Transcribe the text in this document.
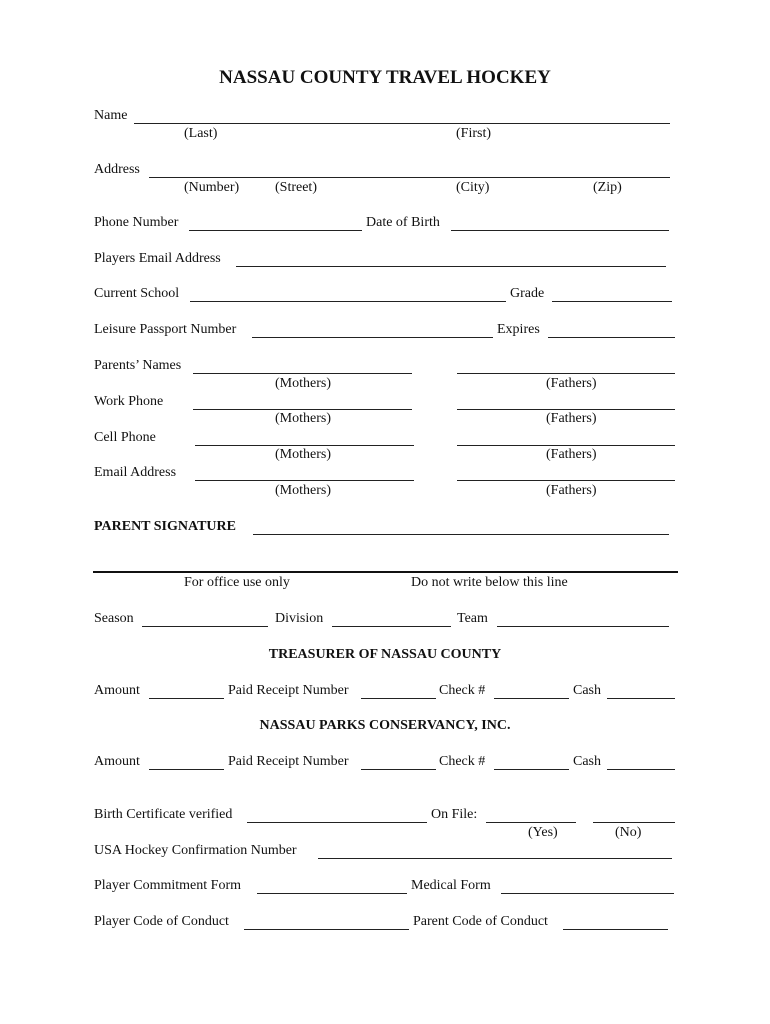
NASSAU COUNTY TRAVEL HOCKEY
Name
(Last)	(First)
Address
(Number)	(Street)	(City)	(Zip)
Phone Number	Date of Birth
Players Email Address
Current School	Grade
Leisure Passport Number	Expires
Parents’ Names
(Mothers)	(Fathers)
Work Phone
(Mothers)	(Fathers)
Cell Phone
(Mothers)	(Fathers)
Email Address
(Mothers)	(Fathers)
PARENT SIGNATURE
For office use only	Do not write below this line
Season	Division	Team
TREASURER OF NASSAU COUNTY
Amount	Paid Receipt Number	Check #	Cash
NASSAU PARKS CONSERVANCY, INC.
Amount	Paid Receipt Number	Check #	Cash
Birth Certificate verified	On File:
(Yes)	(No)
USA Hockey Confirmation Number
Player Commitment Form	Medical Form
Player Code of Conduct	Parent Code of Conduct
